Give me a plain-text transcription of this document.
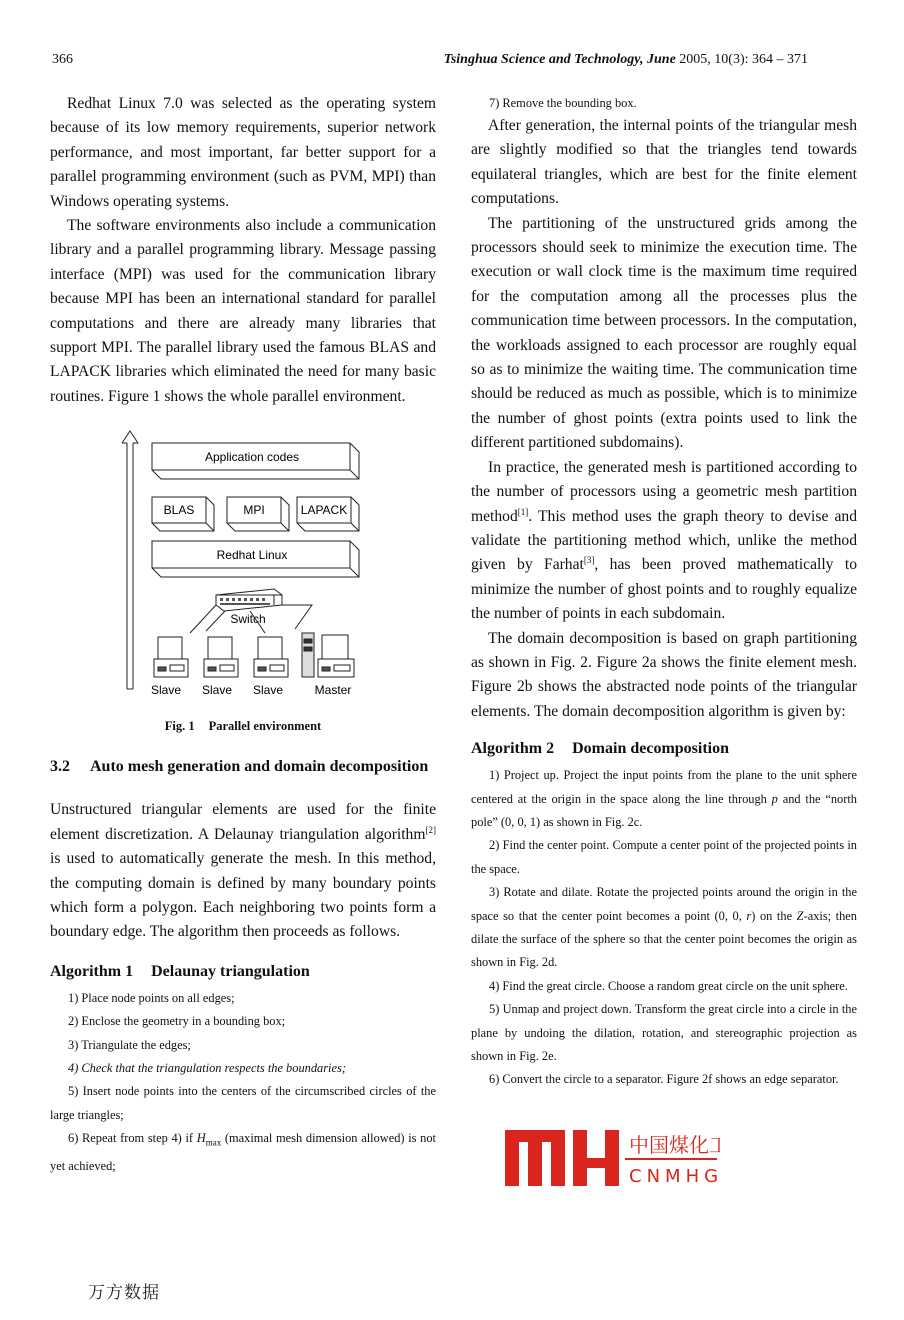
366	Tsinghua Science and Technology, June 2005, 10(3): 364 – 371

Redhat Linux 7.0 was selected as the operating system because of its low memory requirements, superior network performance, and most important, far better support for a parallel programming environment (such as PVM, MPI) than Windows operating systems.

The software environments also include a communication library and a parallel programming library. Message passing interface (MPI) was used for the communication library because MPI has been an international standard for parallel computations and there are already many libraries that support MPI. The parallel library used the famous BLAS and LAPACK libraries which eliminated the need for many basic routines. Figure 1 shows the whole parallel environment.

Application codes
BLAS	MPI	LAPACK
Redhat Linux
Switch
Slave Slave Slave	Master
Fig. 1 Parallel environment
3.2	Auto mesh generation and domain decomposition

Unstructured triangular elements are used for the finite element discretization. A Delaunay triangulation algorithm[2] is used to automatically generate the mesh. In this method, the computing domain is defined by many boundary points which form a polygon. Each neighboring two points form a boundary edge. The algorithm then proceeds as follows.

Algorithm 1 Delaunay triangulation

1) Place node points on all edges;

2) Enclose the geometry in a bounding box;

3) Triangulate the edges;

4) Check that the triangulation respects the boundaries;

5) Insert node points into the centers of the circumscribed circles of the large triangles;

6) Repeat from step 4) if $H_{max}$ (maximal mesh dimension allowed) is not yet achieved;

万方数据

7) Remove the bounding box.

After generation, the internal points of the triangular mesh are slightly modified so that the triangles tend towards equilateral triangles, which are best for the finite element computations.

The partitioning of the unstructured grids among the processors should seek to minimize the execution time. The execution or wall clock time is the maximum time required for the computation among all the processes plus the communication time between processors. In the computation, the workloads assigned to each processor are roughly equal so as to minimize the waiting time. The communication time should be reduced as much as possible, which is to minimize the number of ghost points (extra points used to link the different partitioned subdomains).

In practice, the generated mesh is partitioned according to the number of processors using a geometric mesh partition method[1]. This method uses the graph theory to devise and validate the partitioning method which, unlike the method given by Farhat[3], has been proved mathematically to minimize the number of ghost points and to roughly equalize the number of points in each subdomain.

The domain decomposition is based on graph partitioning as shown in Fig. 2. Figure 2a shows the finite element mesh. Figure 2b shows the abstracted node points of the triangular elements. The domain decomposition algorithm is given by:

Algorithm 2 Domain decomposition

1) Project up. Project the input points from the plane to the unit sphere centered at the origin in the space along the line through p and the “north pole” (0, 0, 1) as shown in Fig. 2c.

2) Find the center point. Compute a center point of the projected points in the space.

3) Rotate and dilate. Rotate the projected points around the origin in the space so that the center point becomes a point (0, 0, r) on the Z-axis; then dilate the surface of the sphere so that the center point becomes the origin as shown in Fig. 2d.

4) Find the great circle. Choose a random great circle on the unit sphere.

5) Unmap and project down. Transform the great circle into a circle in the plane by undoing the dilation, rotation, and stereographic projection as shown in Fig. 2e.

6) Convert the circle to a separator. Figure 2f shows an edge separator.

中国煤化工
CNMHG
